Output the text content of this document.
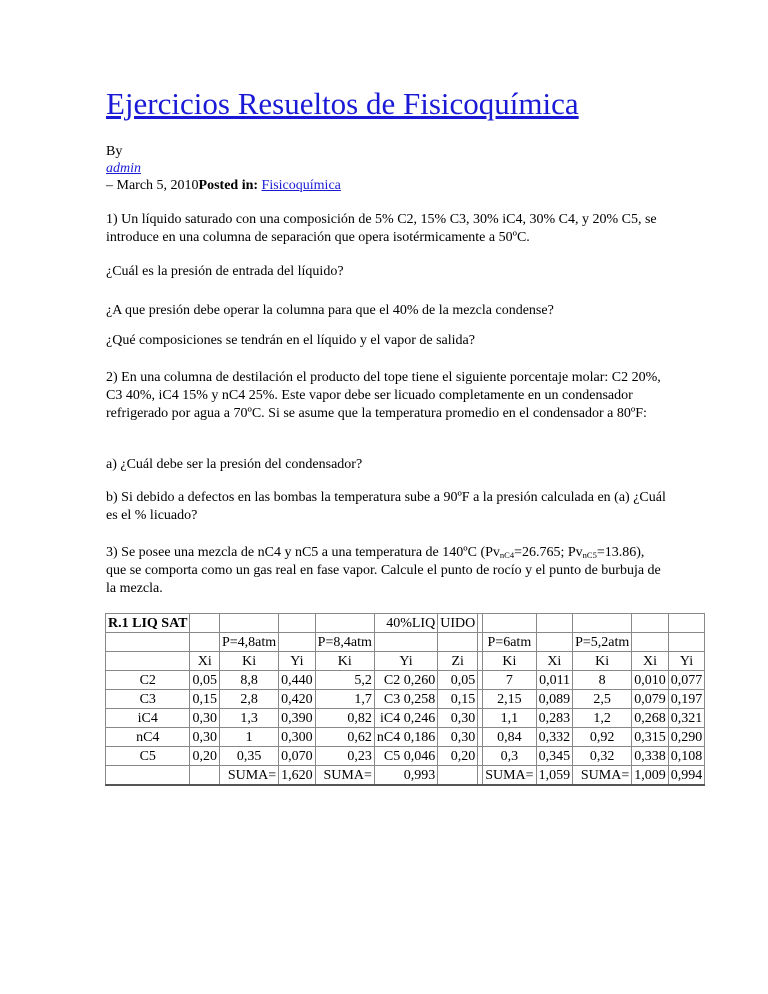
Ejercicios Resueltos de Fisicoquímica
By
admin
– March 5, 2010Posted in: Fisicoquímica

1) Un líquido saturado con una composición de 5% C2, 15% C3, 30% iC4, 30% C4, y 20% C5, se introduce en una columna de separación que opera isotérmicamente a 50ºC.

¿Cuál es la presión de entrada del líquido?

¿A que presión debe operar la columna para que el 40% de la mezcla condense?

¿Qué composiciones se tendrán en el líquido y el vapor de salida?

2) En una columna de destilación el producto del tope tiene el siguiente porcentaje molar: C2 20%, C3 40%, iC4 15% y nC4 25%. Este vapor debe ser licuado completamente en un condensador refrigerado por agua a 70ºC. Si se asume que la temperatura promedio en el condensador a 80ºF:

a) ¿Cuál debe ser la presión del condensador?

b) Si debido a defectos en las bombas la temperatura sube a 90ºF a la presión calculada en (a) ¿Cuál es el % licuado?

3) Se posee una mezcla de nC4 y nC5 a una temperatura de 140ºC ($Pv_{nC4}=26.765$; $Pv_{nC5}=13.86$), que se comporta como un gas real en fase vapor. Calcule el punto de rocío y el punto de burbuja de la mezcla.

R.1 LIQ SAT					40%LIQ	UIDO						
		P=4,8atm		P=8,4atm				P=6atm		P=5,2atm		
	Xi	Ki	Yi	Ki	Yi	Zi		Ki	Xi	Ki	Xi	Yi
C2	0,05	8,8	0,440	5,2	C2 0,260	0,05		7	0,011	8	0,010	0,077
C3	0,15	2,8	0,420	1,7	C3 0,258	0,15		2,15	0,089	2,5	0,079	0,197
iC4	0,30	1,3	0,390	0,82	iC4 0,246	0,30		1,1	0,283	1,2	0,268	0,321
nC4	0,30	1	0,300	0,62	nC4 0,186	0,30		0,84	0,332	0,92	0,315	0,290
C5	0,20	0,35	0,070	0,23	C5 0,046	0,20		0,3	0,345	0,32	0,338	0,108
		SUMA=	1,620	SUMA=	0,993			SUMA=	1,059	SUMA=	1,009	0,994
